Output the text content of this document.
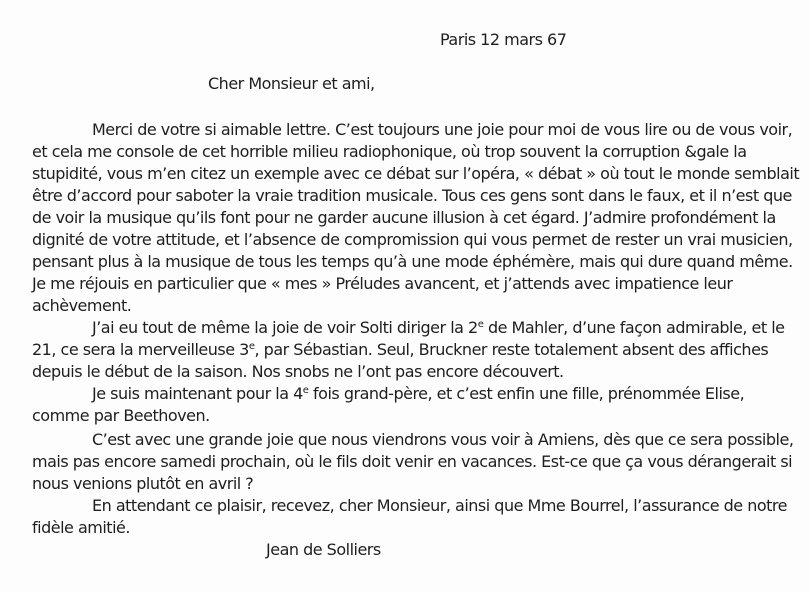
Paris 12 mars 67
Cher Monsieur et ami,
Merci de votre si aimable lettre. C’est toujours une joie pour moi de vous lire ou de vous voir,
et cela me console de cet horrible milieu radiophonique, où trop souvent la corruption &gale la
stupidité, vous m’en citez un exemple avec ce débat sur l’opéra, « débat » où tout le monde semblait
être d’accord pour saboter la vraie tradition musicale. Tous ces gens sont dans le faux, et il n’est que
de voir la musique qu’ils font pour ne garder aucune illusion à cet égard. J’admire profondément la
dignité de votre attitude, et l’absence de compromission qui vous permet de rester un vrai musicien,
pensant plus à la musique de tous les temps qu’à une mode éphémère, mais qui dure quand même.
Je me réjouis en particulier que « mes » Préludes avancent, et j’attends avec impatience leur
achèvement.
J’ai eu tout de même la joie de voir Solti diriger la 2e de Mahler, d’une façon admirable, et le
21, ce sera la merveilleuse 3e, par Sébastian. Seul, Bruckner reste totalement absent des affiches
depuis le début de la saison. Nos snobs ne l’ont pas encore découvert.
Je suis maintenant pour la 4e fois grand-père, et c’est enfin une fille, prénommée Elise,
comme par Beethoven.
C’est avec une grande joie que nous viendrons vous voir à Amiens, dès que ce sera possible,
mais pas encore samedi prochain, où le fils doit venir en vacances. Est-ce que ça vous dérangerait si
nous venions plutôt en avril ?
En attendant ce plaisir, recevez, cher Monsieur, ainsi que Mme Bourrel, l’assurance de notre
fidèle amitié.
Jean de Solliers
